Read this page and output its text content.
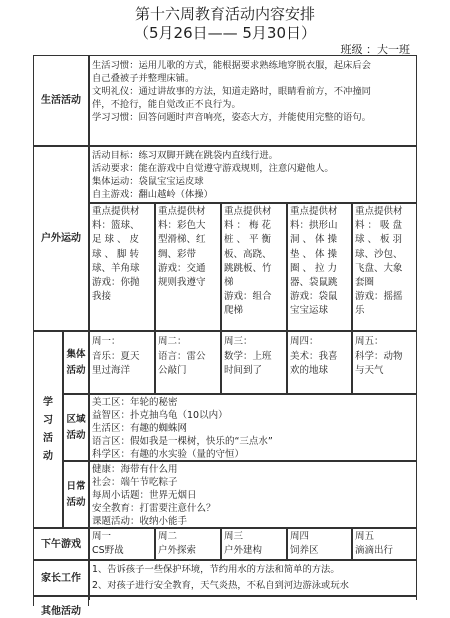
第十六周教育活动内容安排
（5月26日—— 5月30日）
班级 ：大一班
生活活动
生活习惯：运用儿歌的方式，能根据要求熟练地穿脱衣服，起床后会
自己叠被子并整理床铺。
文明礼仪：通过讲故事的方法，知道走路时，眼睛看前方，不冲撞同
伴，不抢行，能自觉改正不良行为。
学习习惯：回答问题时声音响亮，姿态大方，并能使用完整的语句。
户外运动
活动目标：练习双脚开跳在跳袋内直线行进。
活动要求：能在游戏中自觉遵守游戏规则，注意闪避他人。
集体运动：袋鼠宝宝运皮球
自主游戏：翻山越岭（体操）
重点提供材
料：篮球、
足 球 、 皮
球 、 脚 转
球、羊角球
游戏：你抛
我接
重点提供材
料：彩色大
型滑梯、红
绸、彩带
游戏：交通
规则我遵守
重点提供材
料 ： 梅 花
桩 、 平 衡
板、高跷、
跳跳板、竹
梯
游戏：组合
爬梯
重点提供材
料：拱形山
洞 、 体 操
垫 、 体 操
圈 、 拉 力
器、袋鼠跳
游戏：袋鼠
宝宝运球
重点提供材
料 ： 吸 盘
球 、 板 羽
球、沙包、
飞盘、大象
套圈
游戏：摇摇
乐
学
习
活
动
集体
活动
周一：
音乐：夏天
里过海洋
周二：
语言：雷公
公敲门
周三：
数学：上班
时间到了
周四：
美术：我喜
欢的地球
周五：
科学：动物
与天气
区域
活动
美工区：年轮的秘密
益智区：扑克抽乌龟（10以内）
生活区：有趣的蜘蛛网
语言区：假如我是一棵树，快乐的“三点水”
科学区：有趣的水实验（量的守恒）
日常
活动
健康：海带有什么用
社会：端午节吃粽子
每周小话题：世界无烟日
安全教育：打雷要注意什么？
课题活动：收纳小能手
下午游戏
周一
CS野战
周二
户外探索
周三
户外建构
周四
饲养区
周五
滴滴出行
家长工作
1、告诉孩子一些保护环境，节约用水的方法和简单的方法。
2、对孩子进行安全教育，天气炎热，不私自到河边游泳或玩水
其他活动
